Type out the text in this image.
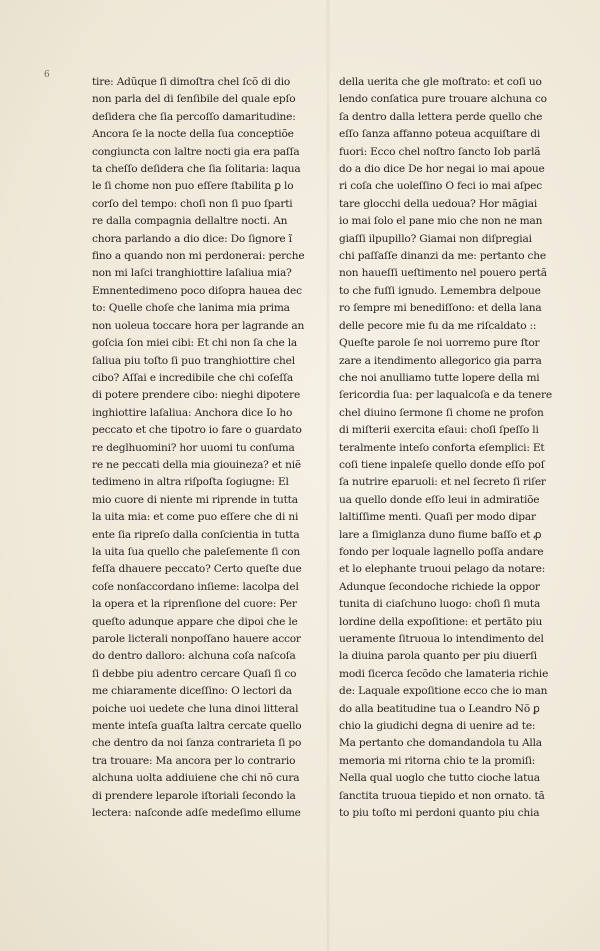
6
tire: Adũque ſi dimoſtra chel ſcõ di dio
non parla del di ſenſibile del quale epſo
deſidera che ſia percoſſo damaritudine:
Ancora ſe la nocte della ſua conceptiõe
congiuncta con laltre nocti gia era paſſa
ta cheſſo deſidera che ſia ſolitaria: laqua
le ſi chome non puo eſſere ſtabilita ꝑ lo
corſo del tempo: choſi non ſi puo ſparti
re dalla compagnia dellaltre nocti. An
chora parlando a dio dice: Do ſignore ĩ
fino a quando non mi perdonerai: perche
non mi laſci tranghiottire laſaliua mia?
Emnentedimeno poco diſopra hauea dec
to: Quelle choſe che lanima mia prima
non uoleua toccare hora per lagrande an
goſcia ſon miei cibi: Et chi non ſa che la
ſaliua piu toſto ſi puo tranghiottire chel
cibo? Aſſai e incredibile che chi coſeſſa
di potere prendere cibo: nieghi dipotere
inghiottire laſaliua: Anchora dice Io ho
peccato et che tipotro io fare o guardato
re deglhuomini? hor uuomi tu conſuma
re ne peccati della mia giouineza? et niẽ
tedimeno in altra riſpoſta ſogiugne: El
mio cuore di niente mi riprende in tutta
la uita mia: et come puo eſſere che di ni
ente ſia ripreſo dalla conſcientia in tutta
la uita ſua quello che paleſemente ſi con
feſſa dhauere peccato? Certo queſte due
coſe nonſaccordano inſieme: lacolpa del
la opera et la riprenſione del cuore: Per
queſto adunque appare che dipoi che le
parole licterali nonpoſſano hauere accor
do dentro dalloro: alchuna coſa naſcoſa
ſi debbe piu adentro cercare Quaſi ſi co
me chiaramente diceſſino: O lectori da
poiche uoi uedete che luna dinoi litteral
mente inteſa guaſta laltra cercate quello
che dentro da noi ſanza contrarieta ſi po
tra trouare: Ma ancora per lo contrario
alchuna uolta addiuiene che chi nõ cura
di prendere leparole iſtoriali ſecondo la
lectera: naſconde adſe medeſimo ellume
della uerita che gle moſtrato: et coſi uo
lendo conſatica pure trouare alchuna co
ſa dentro dalla lettera perde quello che
eſſo ſanza affanno poteua acquiſtare di
fuori: Ecco chel noſtro ſancto Iob parlã
do a dio dice De hor negai io mai apoue
ri coſa che uoleſſino O feci io mai aſpec
tare glocchi della uedoua? Hor mãgiai
io mai ſolo el pane mio che non ne man
giaſſi ilpupillo? Giamai non diſpregiai
chi paſſaſſe dinanzi da me: pertanto che
non haueſſi ueſtimento nel pouero pertã
to che fuſſi ignudo. Lemembra delpoue
ro ſempre mi benediſſono: et della lana
delle pecore mie fu da me riſcaldato ::
Queſte parole ſe noi uorremo pure ſtor
zare a itendimento allegorico gia parra
che noi anulliamo tutte lopere della mi
ſericordia ſua: per laqualcoſa e da tenere
chel diuino ſermone ſi chome ne profon
di miſterii exercita eſaui: choſi ſpeſſo li
teralmente inteſo conforta eſemplici: Et
coſi tiene inpaleſe quello donde eſſo poſ
ſa nutrire eparuoli: et nel ſecreto ſi riſer
ua quello donde eſſo leui in admiratiõe
laltiſſime menti. Quaſi per modo dipar
lare a ſimiglanza duno fiume baſſo et ꝓ
fondo per loquale lagnello poſſa andare
et lo elephante truoui pelago da notare:
Adunque ſecondoche richiede la oppor
tunita di ciaſchuno luogo: choſi ſi muta
lordine della expoſitione: et pertãto piu
ueramente ſitruoua lo intendimento del
la diuina parola quanto per piu diuerſi
modi ſicerca ſecõdo che lamateria richie
de: Laquale expoſitione ecco che io man
do alla beatitudine tua o Leandro Nõ ꝑ
chio la giudichi degna di uenire ad te:
Ma pertanto che domandandola tu Alla
memoria mi ritorna chio te la promiſi:
Nella qual uoglo che tutto cioche latua
ſanctita truoua tiepido et non ornato. tã
to piu toſto mi perdoni quanto piu chia
